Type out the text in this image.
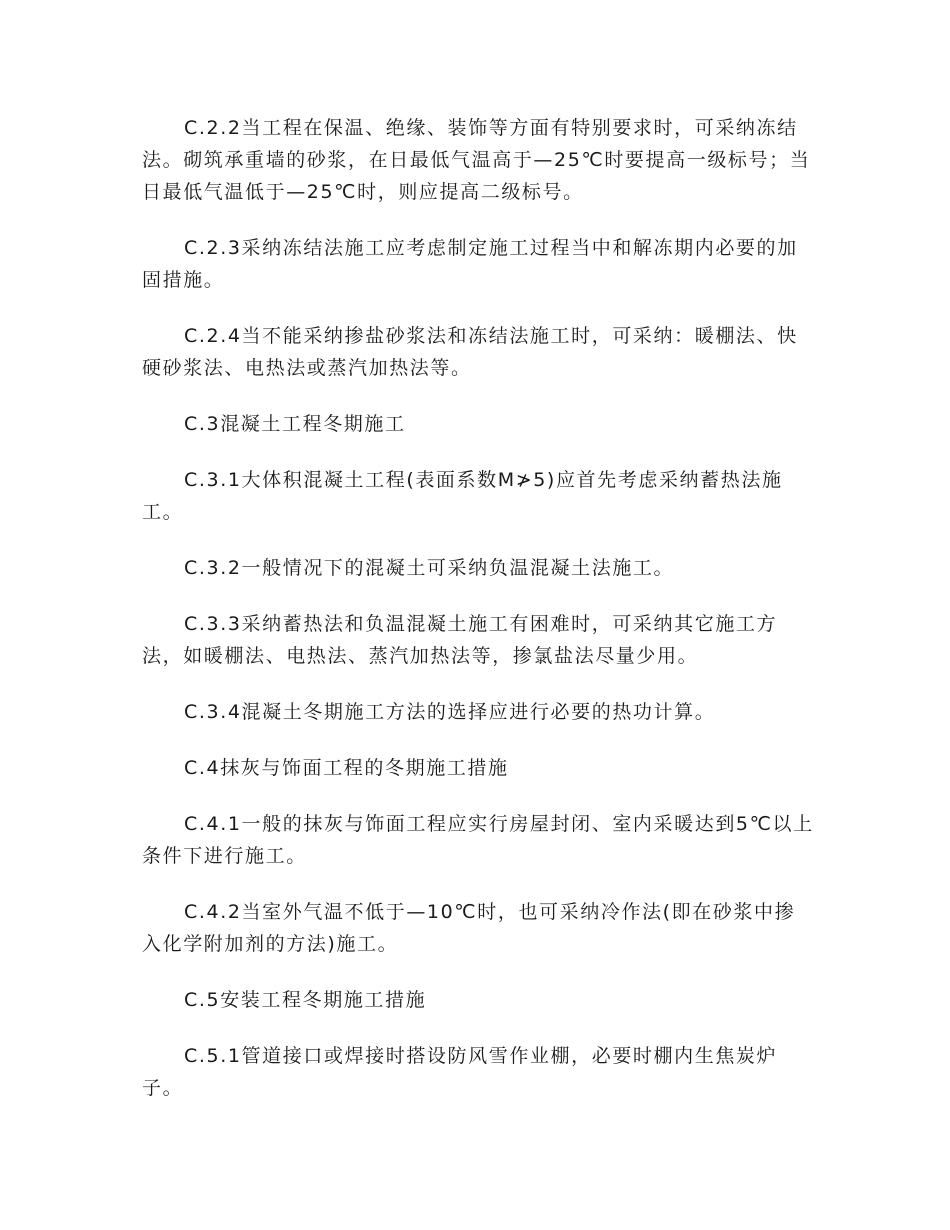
C.2.2当工程在保温、绝缘、装饰等方面有特别要求时，可采纳冻结法。砌筑承重墙的砂浆，在日最低气温高于—25℃时要提高一级标号；当日最低气温低于—25℃时，则应提高二级标号。

C.2.3采纳冻结法施工应考虑制定施工过程当中和解冻期内必要的加固措施。

C.2.4当不能采纳掺盐砂浆法和冻结法施工时，可采纳：暖棚法、快硬砂浆法、电热法或蒸汽加热法等。

C.3混凝土工程冬期施工

C.3.1大体积混凝土工程(表面系数M≯5)应首先考虑采纳蓄热法施工。

C.3.2一般情况下的混凝土可采纳负温混凝土法施工。

C.3.3采纳蓄热法和负温混凝土施工有困难时，可采纳其它施工方法，如暖棚法、电热法、蒸汽加热法等，掺氯盐法尽量少用。

C.3.4混凝土冬期施工方法的选择应进行必要的热功计算。

C.4抹灰与饰面工程的冬期施工措施

C.4.1一般的抹灰与饰面工程应实行房屋封闭、室内采暖达到5℃以上条件下进行施工。

C.4.2当室外气温不低于—10℃时，也可采纳冷作法(即在砂浆中掺入化学附加剂的方法)施工。

C.5安装工程冬期施工措施

C.5.1管道接口或焊接时搭设防风雪作业棚，必要时棚内生焦炭炉子。
